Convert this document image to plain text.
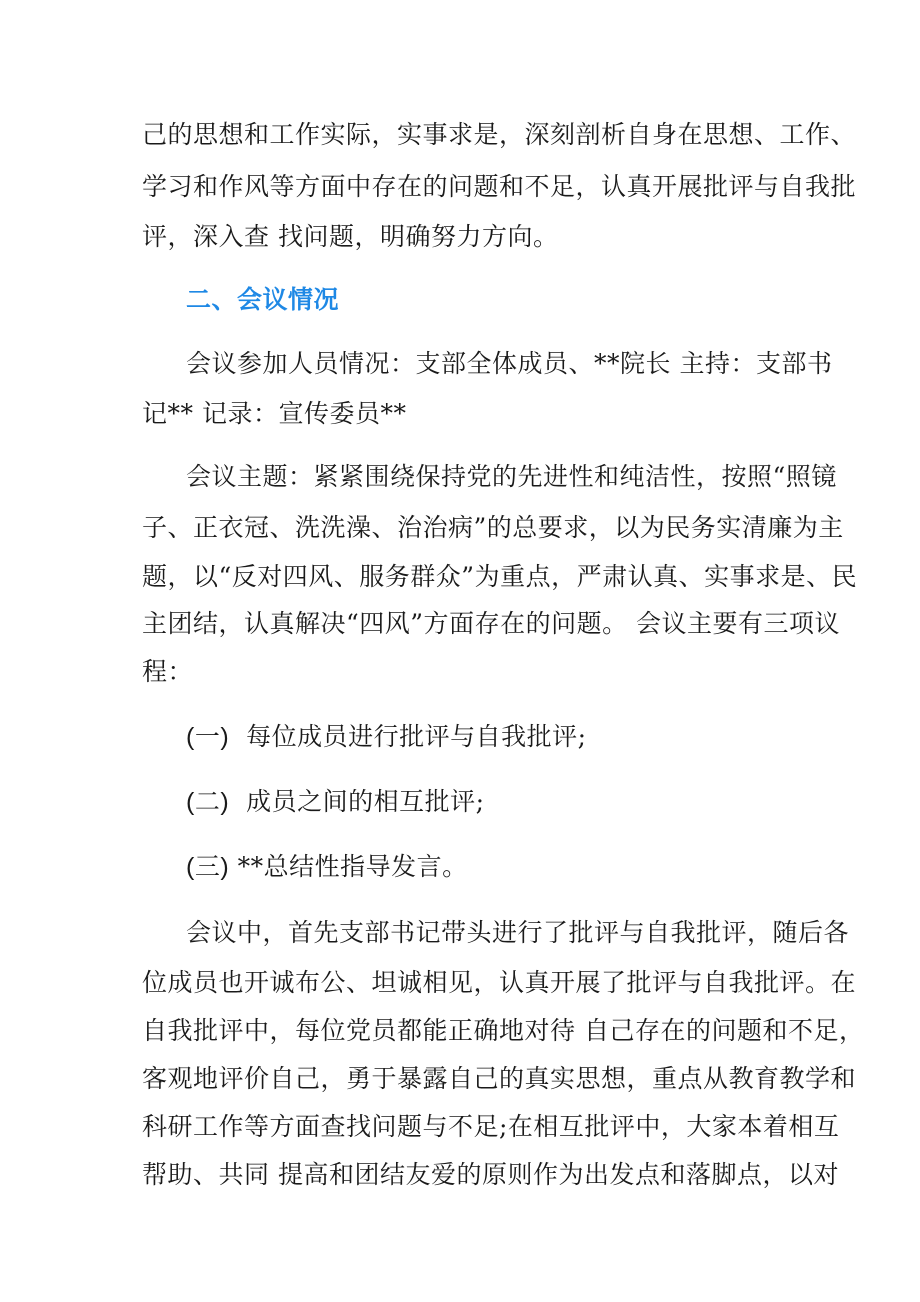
己的思想和工作实际，实事求是，深刻剖析自身在思想、工作、
学习和作风等方面中存在的问题和不足，认真开展批评与自我批
评，深入查 找问题，明确努力方向。
二、会议情况
会议参加人员情况：支部全体成员、**院长 主持：支部书
记** 记录：宣传委员**
会议主题：紧紧围绕保持党的先进性和纯洁性，按照“照镜
子、正衣冠、洗洗澡、治治病”的总要求，以为民务实清廉为主
题，以“反对四风、服务群众”为重点，严肃认真、实事求是、民
主团结，认真解决“四风”方面存在的问题。 会议主要有三项议
程：
(一) 每位成员进行批评与自我批评;
(二) 成员之间的相互批评;
(三) **总结性指导发言。
会议中，首先支部书记带头进行了批评与自我批评，随后各
位成员也开诚布公、坦诚相见，认真开展了批评与自我批评。在
自我批评中，每位党员都能正确地对待 自己存在的问题和不足，
客观地评价自己，勇于暴露自己的真实思想，重点从教育教学和
科研工作等方面查找问题与不足;在相互批评中，大家本着相互
帮助、共同 提高和团结友爱的原则作为出发点和落脚点，以对
